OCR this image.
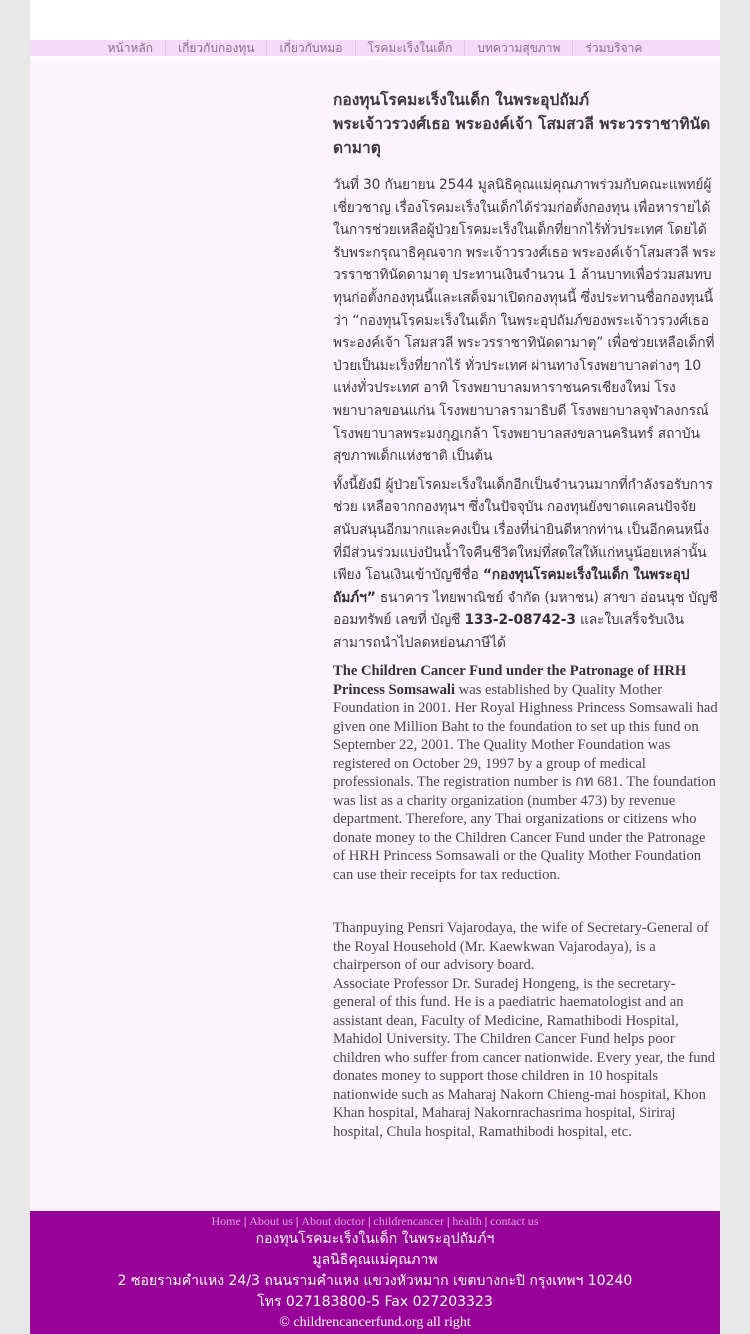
หน้าหลัก	เกี่ยวกับกองทุน	เกี่ยวกับหมอ	โรคมะเร็งในเด็ก	บทความสุขภาพ	ร่วมบริจาค
กองทุนโรคมะเร็งในเด็ก ในพระอุปถัมภ์
พระเจ้าวรวงศ์เธอ พระองค์เจ้า โสมสวลี พระวรราชาทินัดดามาตุ

วันที่ 30 กันยายน 2544 มูลนิธิคุณแม่คุณภาพร่วมกับคณะแพทย์ผู้เชี่ยวชาญ เรื่องโรคมะเร็งในเด็กได้ร่วมก่อตั้งกองทุน เพื่อหารายได้ในการช่วยเหลือผู้ป่วยโรคมะเร็งในเด็กที่ยากไร้ทั่วประเทศ โดยได้รับพระกรุณาธิคุณจาก พระเจ้าวรวงศ์เธอ พระองค์เจ้าโสมสวลี พระวรราชาทินัดดามาตุ ประทานเงินจำนวน 1 ล้านบาทเพื่อร่วมสมทบทุนก่อตั้งกองทุนนี้และเสด็จมาเปิดกองทุนนี้ ซึ่งประทานชื่อกองทุนนี้ว่า “กองทุนโรคมะเร็งในเด็ก ในพระอุปถัมภ์ของพระเจ้าวรวงศ์เธอ พระองค์เจ้า โสมสวลี พระวรราชาทินัดดามาตุ” เพื่อช่วยเหลือเด็กที่ป่วยเป็นมะเร็งที่ยากไร้ ทั่วประเทศ ผ่านทางโรงพยาบาลต่างๆ 10 แห่งทั่วประเทศ อาทิ โรงพยาบาลมหาราชนครเชียงใหม่ โรงพยาบาลขอนแก่น โรงพยาบาลรามาธิบดี โรงพยาบาลจุฬาลงกรณ์ โรงพยาบาลพระมงกุฎเกล้า โรงพยาบาลสงขลานครินทร์ สถาบันสุขภาพเด็กแห่งชาติ เป็นต้น

ทั้งนี้ยังมี ผู้ป่วยโรคมะเร็งในเด็กอีกเป็นจำนวนมากที่กำลังรอรับการช่วย เหลือจากกองทุนฯ ซึ่งในปัจจุบัน กองทุนยังขาดแคลนปัจจัยสนับสนุนอีกมากและคงเป็น เรื่องที่น่ายินดีหากท่าน เป็นอีกคนหนึ่ง ที่มีส่วนร่วมแบ่งปันน้ำใจคืนชีวิตใหม่ที่สดใสให้แก่หนูน้อยเหล่านั้น เพียง โอนเงินเข้าบัญชีชื่อ “กองทุนโรคมะเร็งในเด็ก ในพระอุปถัมภ์ฯ” ธนาคาร ไทยพาณิชย์ จำกัด (มหาชน) สาขา อ่อนนุช บัญชีออมทรัพย์ เลขที่ บัญชี 133-2-08742-3 และใบเสร็จรับเงินสามารถนำไปลดหย่อนภาษีได้

The Children Cancer Fund under the Patronage of HRH Princess Somsawali was established by Quality Mother Foundation in 2001. Her Royal Highness Princess Somsawali had given one Million Baht to the foundation to set up this fund on September 22, 2001. The Quality Mother Foundation was registered on October 29, 1997 by a group of medical professionals. The registration number is กท 681. The foundation was list as a charity organization (number 473) by revenue department. Therefore, any Thai organizations or citizens who donate money to the Children Cancer Fund under the Patronage of HRH Princess Somsawali or the Quality Mother Foundation can use their receipts for tax reduction.

Thanpuying Pensri Vajarodaya, the wife of Secretary-General of the Royal Household (Mr. Kaewkwan Vajarodaya), is a chairperson of our advisory board.

Associate Professor Dr. Suradej Hongeng, is the secretary-general of this fund. He is a paediatric haematologist and an assistant dean, Faculty of Medicine, Ramathibodi Hospital, Mahidol University. The Children Cancer Fund helps poor children who suffer from cancer nationwide. Every year, the fund donates money to support those children in 10 hospitals nationwide such as Maharaj Nakorn Chieng-mai hospital, Khon Khan hospital, Maharaj Nakornrachasrima hospital, Siriraj hospital, Chula hospital, Ramathibodi hospital, etc.

Home | About us | About doctor | childrencancer | health | contact us
กองทุนโรคมะเร็งในเด็ก ในพระอุปถัมภ์ฯ
มูลนิธิคุณแม่คุณภาพ
2 ซอยรามคำแหง 24/3 ถนนรามคำแหง แขวงหัวหมาก เขตบางกะปิ กรุงเทพฯ 10240
โทร 027183800-5 Fax 027203323
© childrencancerfund.org all right
